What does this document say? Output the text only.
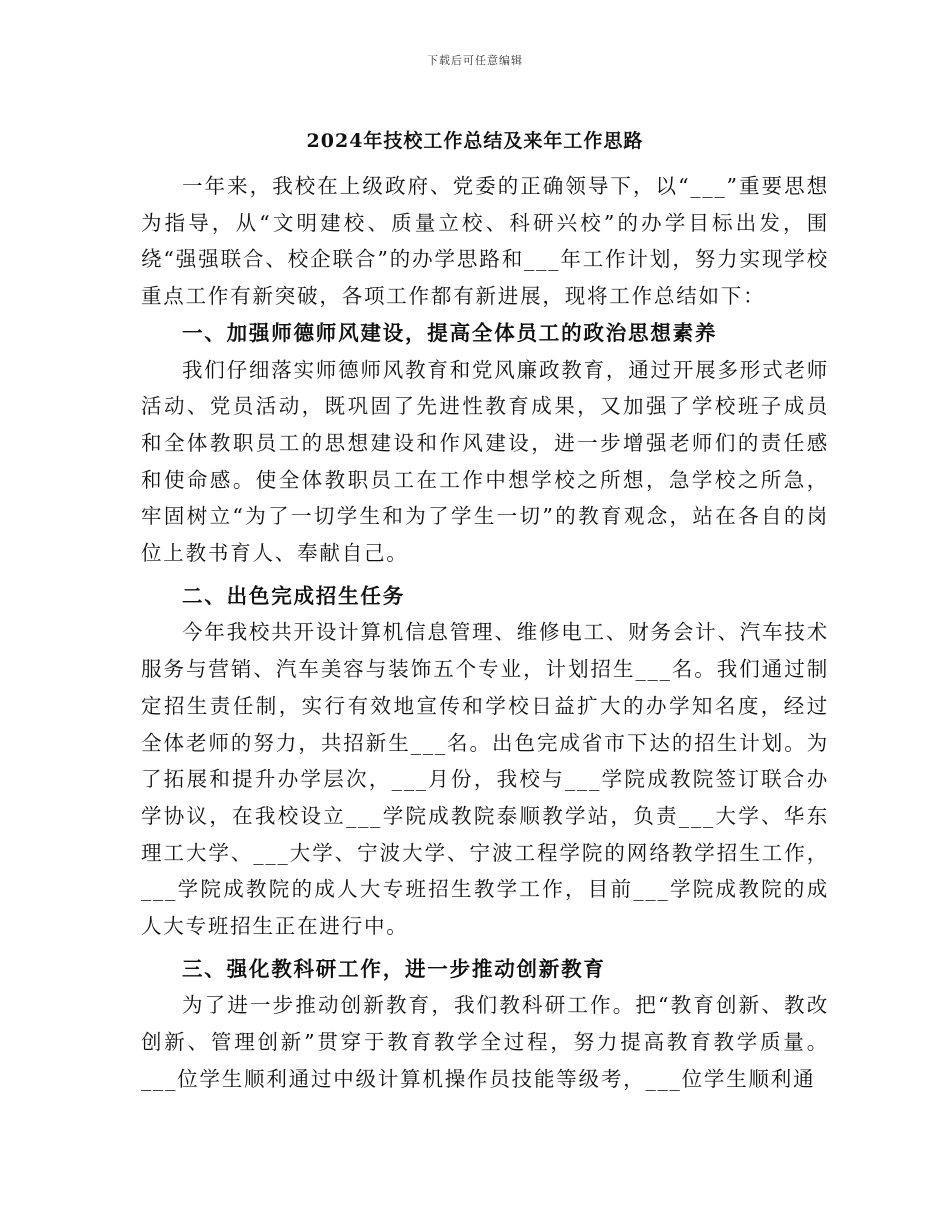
下载后可任意编辑
2024年技校工作总结及来年工作思路

一年来，我校在上级政府、党委的正确领导下，以“___”重要思想为指导，从“文明建校、质量立校、科研兴校”的办学目标出发，围绕“强强联合、校企联合”的办学思路和___年工作计划，努力实现学校重点工作有新突破，各项工作都有新进展，现将工作总结如下：

一、加强师德师风建设，提高全体员工的政治思想素养

我们仔细落实师德师风教育和党风廉政教育，通过开展多形式老师活动、党员活动，既巩固了先进性教育成果，又加强了学校班子成员和全体教职员工的思想建设和作风建设，进一步增强老师们的责任感和使命感。使全体教职员工在工作中想学校之所想，急学校之所急，牢固树立“为了一切学生和为了学生一切”的教育观念，站在各自的岗位上教书育人、奉献自己。

二、出色完成招生任务

今年我校共开设计算机信息管理、维修电工、财务会计、汽车技术服务与营销、汽车美容与装饰五个专业，计划招生___名。我们通过制定招生责任制，实行有效地宣传和学校日益扩大的办学知名度，经过全体老师的努力，共招新生___名。出色完成省市下达的招生计划。为了拓展和提升办学层次，___月份，我校与___学院成教院签订联合办学协议，在我校设立___学院成教院泰顺教学站，负责___大学、华东理工大学、___大学、宁波大学、宁波工程学院的网络教学招生工作，___学院成教院的成人大专班招生教学工作，目前___学院成教院的成人大专班招生正在进行中。

三、强化教科研工作，进一步推动创新教育

为了进一步推动创新教育，我们教科研工作。把“教育创新、教改创新、管理创新”贯穿于教育教学全过程，努力提高教育教学质量。___位学生顺利通过中级计算机操作员技能等级考，___位学生顺利通
